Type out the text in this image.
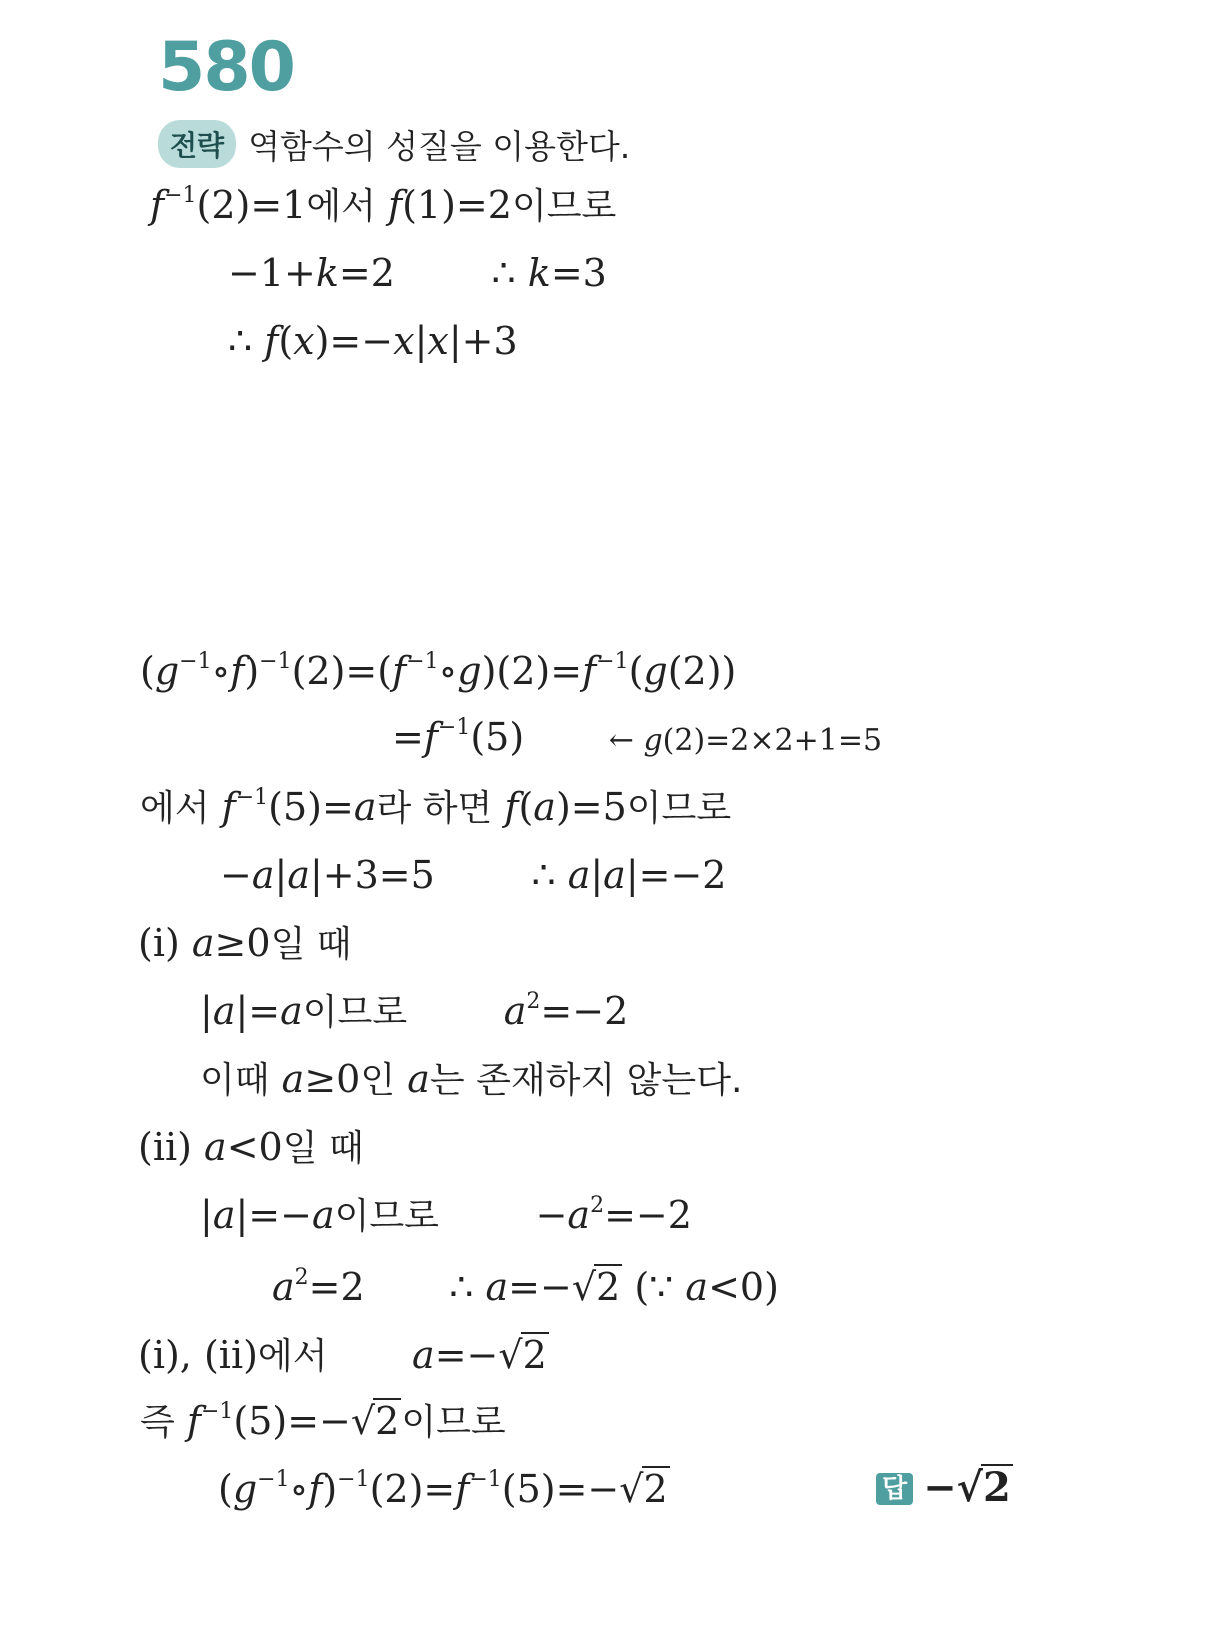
580
전략 역함수의 성질을 이용한다.
$f^{-1}(2)=1$에서 f(1)=2이므로
−1+k=2        ∴ k=3
∴ f(x)=−x|x|+3
$(g^{-1}\circ f)^{-1}(2)=(f^{-1}\circ g)(2)=f^{-1}(g(2))$
$=f^{-1}(5)$       ← g(2)=2×2+1=5
에서 $f^{-1}(5)=a$라 하면 f(a)=5이므로
−a|a|+3=5        ∴ a|a|=−2
(i) a≥0일 때
|a|=a이므로	$a^2=-2$
이때 a≥0인 a는 존재하지 않는다.
(ii) a<0일 때
|a|=−a이므로        $-a^2=-2$
$a^2=2$       ∴ a=−√2 (∵ a<0)
(i), (ii)에서 a=−√2
즉 $f^{-1}(5)=-√2$이므로
$(g^{-1}\circ f)^{-1}(2)=f^{-1}(5)=-√2$	답 −√2
